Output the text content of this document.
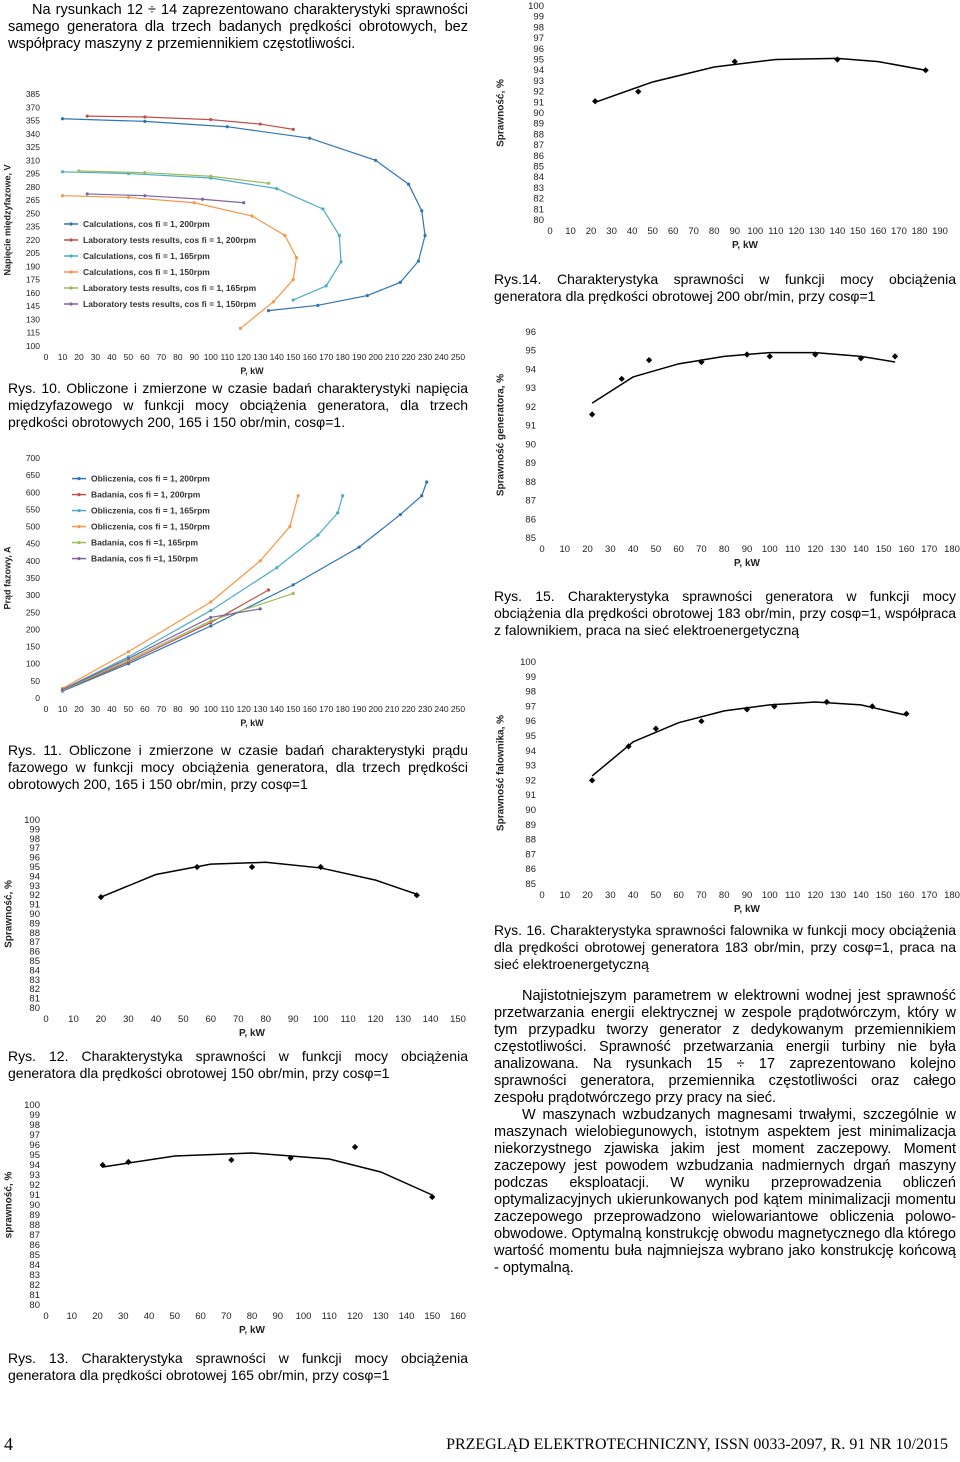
Na rysunkach 12 ÷ 14 zaprezentowano charakterystyki sprawności samego generatora dla trzech badanych prędkości obrotowych, bez współpracy maszyny z przemiennikiem częstotliwości.

100
115
130
145
160
175
190
205
220
235
250
265
280
295
310
325
340
355
370
385
0 10 20 30 40 50 60 70 80 90 100 110 120 130 140 150 160 170 180 190 200 210 220 230 240 250
P, kW
Napięcie międzyfazowe, V	Calculations, cos fi = 1, 200rpm
Laboratory tests results, cos fi = 1, 200rpm
Calculations, cos fi = 1, 165rpm
Calculations, cos fi = 1, 150rpm
Laboratory tests results, cos fi = 1, 165rpm
Laboratory tests results, cos fi = 1, 150rpm

Rys. 10. Obliczone i zmierzone w czasie badań charakterystyki napięcia międzyfazowego w funkcji mocy obciążenia generatora, dla trzech prędkości obrotowych 200, 165 i 150 obr/min, cosφ=1.

0
50
100
150
200
250
300
350
400
450
500
550
600
650
700
0 10 20 30 40 50 60 70 80 90 100 110 120 130 140 150 160 170 180 190 200 210 220 230 240 250
P, kW
Prąd fazowy, A
Obliczenia, cos fi = 1, 200rpm
Badania, cos fi = 1, 200rpm
Obliczenia, cos fi = 1, 165rpm
Obliczenia, cos fi = 1, 150rpm
Badania, cos fi =1, 165rpm
Badania, cos fi =1, 150rpm

Rys. 11. Obliczone i zmierzone w czasie badań charakterystyki prądu fazowego w funkcji mocy obciążenia generatora, dla trzech prędkości obrotowych 200, 165 i 150 obr/min, przy cosφ=1

80
81
82
83
84
85
86
87
88
89
90
91
92
93
94
95
96
97
98
99
100
0 10 20 30 40 50 60 70 80 90 100 110 120 130 140 150
P, kW
Sprawność, %

Rys. 12. Charakterystyka sprawności w funkcji mocy obciążenia generatora dla prędkości obrotowej 150 obr/min, przy cosφ=1

80
81
82
83
84
85
86
87
88
89
90
91
92
93
94
95
96
97
98
99
100
0 10 20 30 40 50 60 70 80 90 100 110 120 130 140 150 160
P, kW
sprawność, %

Rys. 13. Charakterystyka sprawności w funkcji mocy obciążenia generatora dla prędkości obrotowej 165 obr/min, przy cosφ=1

80
81
82
83
84
85
86
87
88
89
90
91
92
93
94
95
96
97
98
99
100
0 10 20 30 40 50 60 70 80 90 100 110 120 130 140 150 160 170 180 190
P, kW
Sprawność, %

Rys.14. Charakterystyka sprawności w funkcji mocy obciążenia generatora dla prędkości obrotowej 200 obr/min, przy cosφ=1

85
86
87
88
89
90
91
92
93
94
95
96
0 10 20 30 40 50 60 70 80 90 100 110 120 130 140 150 160 170 180
P, kW
Sprawność generatora, %

Rys. 15. Charakterystyka sprawności generatora w funkcji mocy obciążenia dla prędkości obrotowej 183 obr/min, przy cosφ=1, współpraca z falownikiem, praca na sieć elektroenergetyczną

85
86
87
88
89
90
91
92
93
94
95
96
97
98
99
100
0 10 20 30 40 50 60 70 80 90 100 110 120 130 140 150 160 170 180
P, kW
Sprawność falownika, %

Rys. 16. Charakterystyka sprawności falownika w funkcji mocy obciążenia dla prędkości obrotowej generatora 183 obr/min, przy cosφ=1, praca na sieć elektroenergetyczną

Najistotniejszym parametrem w elektrowni wodnej jest sprawność przetwarzania energii elektrycznej w zespole prądotwórczym, który w tym przypadku tworzy generator z dedykowanym przemiennikiem częstotliwości. Sprawność przetwarzania energii turbiny nie była analizowana. Na rysunkach 15 ÷ 17 zaprezentowano kolejno sprawności generatora, przemiennika częstotliwości oraz całego zespołu prądotwórczego przy pracy na sieć.

W maszynach wzbudzanych magnesami trwałymi, szczególnie w maszynach wielobiegunowych, istotnym aspektem jest minimalizacja niekorzystnego zjawiska jakim jest moment zaczepowy. Moment zaczepowy jest powodem wzbudzania nadmiernych drgań maszyny podczas eksploatacji. W wyniku przeprowadzenia obliczeń optymalizacyjnych ukierunkowanych pod kątem minimalizacji momentu zaczepowego przeprowadzono wielowariantowe obliczenia polowo-obwodowe. Optymalną konstrukcję obwodu magnetycznego dla którego wartość momentu buła najmniejsza wybrano jako konstrukcję końcową - optymalną.

4	PRZEGLĄD ELEKTROTECHNICZNY, ISSN 0033-2097, R. 91 NR 10/2015
